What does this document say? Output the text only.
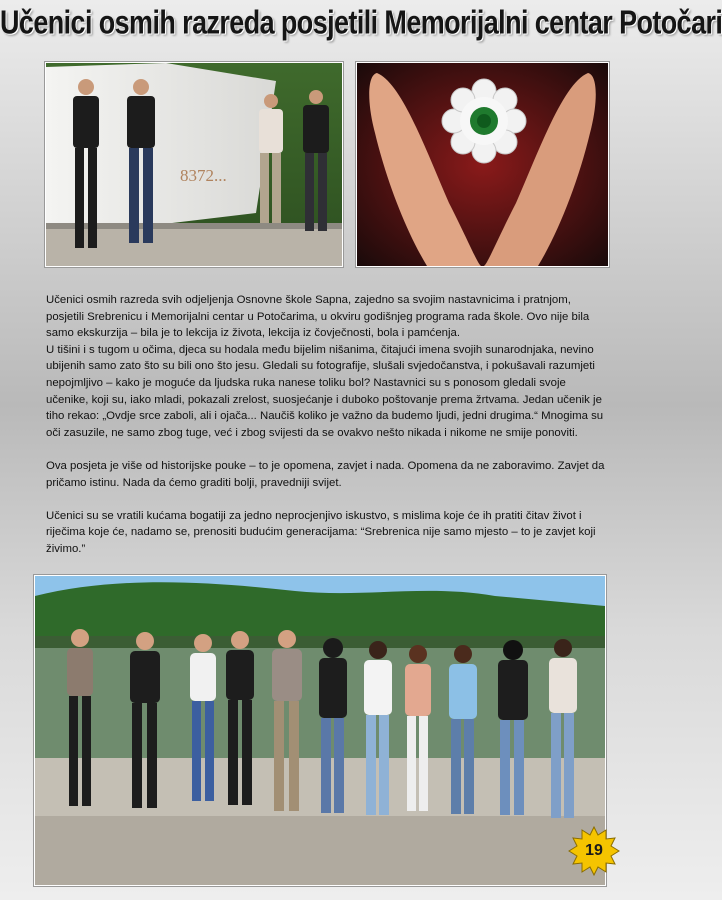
Učenici osmih razreda posjetili Memorijalni centar Potočari
8372...

Učenici osmih razreda svih odjeljenja Osnovne škole Sapna, zajedno sa svojim nastavnicima i pratnjom, posjetili Srebrenicu i Memorijalni centar u Potočarima, u okviru godišnjeg programa rada škole. Ovo nije bila samo ekskurzija – bila je to lekcija iz života, lekcija iz čovječnosti, bola i pamćenja.

U tišini i s tugom u očima, djeca su hodala među bijelim nišanima, čitajući imena svojih sunarodnjaka, nevino ubijenih samo zato što su bili ono što jesu. Gledali su fotografije, slušali svjedočanstva, i pokušavali razumjeti nepojmljivo – kako je moguće da ljudska ruka nanese toliku bol? Nastavnici su s ponosom gledali svoje učenike, koji su, iako mladi, pokazali zrelost, suosjećanje i duboko poštovanje prema žrtvama. Jedan učenik je tiho rekao: „Ovdje srce zaboli, ali i ojača... Naučiš koliko je važno da budemo ljudi, jedni drugima.“ Mnogima su oči zasuzile, ne samo zbog tuge, već i zbog svijesti da se ovakvo nešto nikada i nikome ne smije ponoviti.

Ova posjeta je više od historijske pouke – to je opomena, zavjet i nada. Opomena da ne zaboravimo. Zavjet da pričamo istinu. Nada da ćemo graditi bolji, pravedniji svijet.

Učenici su se vratili kućama bogatiji za jedno neprocjenjivo iskustvo, s mislima koje će ih pratiti čitav život i riječima koje će, nadamo se, prenositi budućim generacijama: “Srebrenica nije samo mjesto – to je zavjet koji živimo.”

19
